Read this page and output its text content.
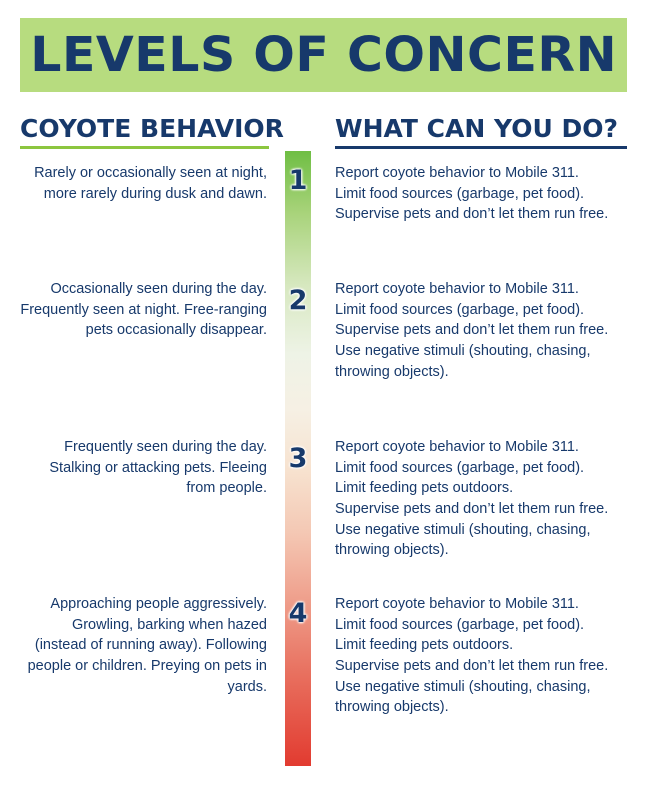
LEVELS OF CONCERN
COYOTE BEHAVIOR WHAT CAN YOU DO?

Rarely or occasionally seen at night, more rarely during dusk and dawn.

Occasionally seen during the day. Frequently seen at night. Free-ranging pets occasionally disappear.

Frequently seen during the day. Stalking or attacking pets. Fleeing from people.

Approaching people aggressively. Growling, barking when hazed (instead of running away). Following people or children. Preying on pets in yards.

1
2
3
4

Report coyote behavior to Mobile 311.

Limit food sources (garbage, pet food).

Supervise pets and don’t let them run free.

Report coyote behavior to Mobile 311.

Limit food sources (garbage, pet food).

Supervise pets and don’t let them run free.

Use negative stimuli (shouting, chasing, throwing objects).

Report coyote behavior to Mobile 311.

Limit food sources (garbage, pet food).

Limit feeding pets outdoors.

Supervise pets and don’t let them run free.

Use negative stimuli (shouting, chasing, throwing objects).

Report coyote behavior to Mobile 311.

Limit food sources (garbage, pet food).

Limit feeding pets outdoors.

Supervise pets and don’t let them run free.

Use negative stimuli (shouting, chasing, throwing objects).
